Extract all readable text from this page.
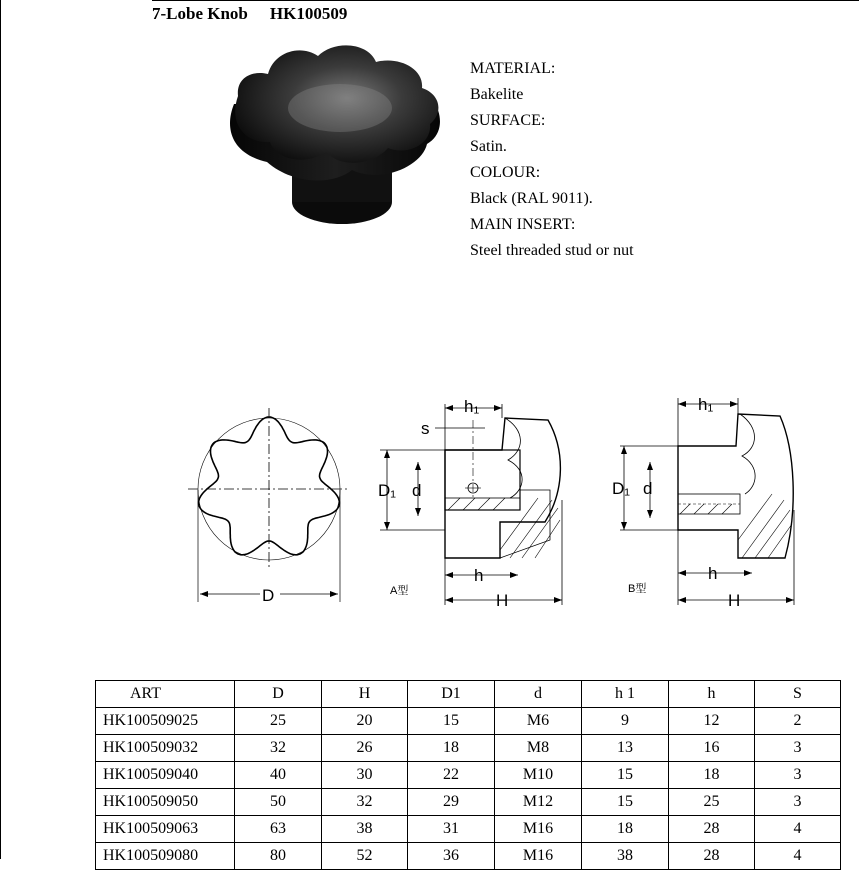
7-Lobe Knob HK100509
MATERIAL:
Bakelite
SURFACE:
Satin.
COLOUR:
Black (RAL 9011).
MAIN INSERT:
Steel threaded stud or nut
D
h₁
s
D₁ d
h
H
A型
h₁
D₁ d
h
H
B型
ART	D	H	D1	d	h 1	h	S
HK100509025	25	20	15	M6	9	12	2
HK100509032	32	26	18	M8	13	16	3
HK100509040	40	30	22	M10	15	18	3
HK100509050	50	32	29	M12	15	25	3
HK100509063	63	38	31	M16	18	28	4
HK100509080	80	52	36	M16	38	28	4
